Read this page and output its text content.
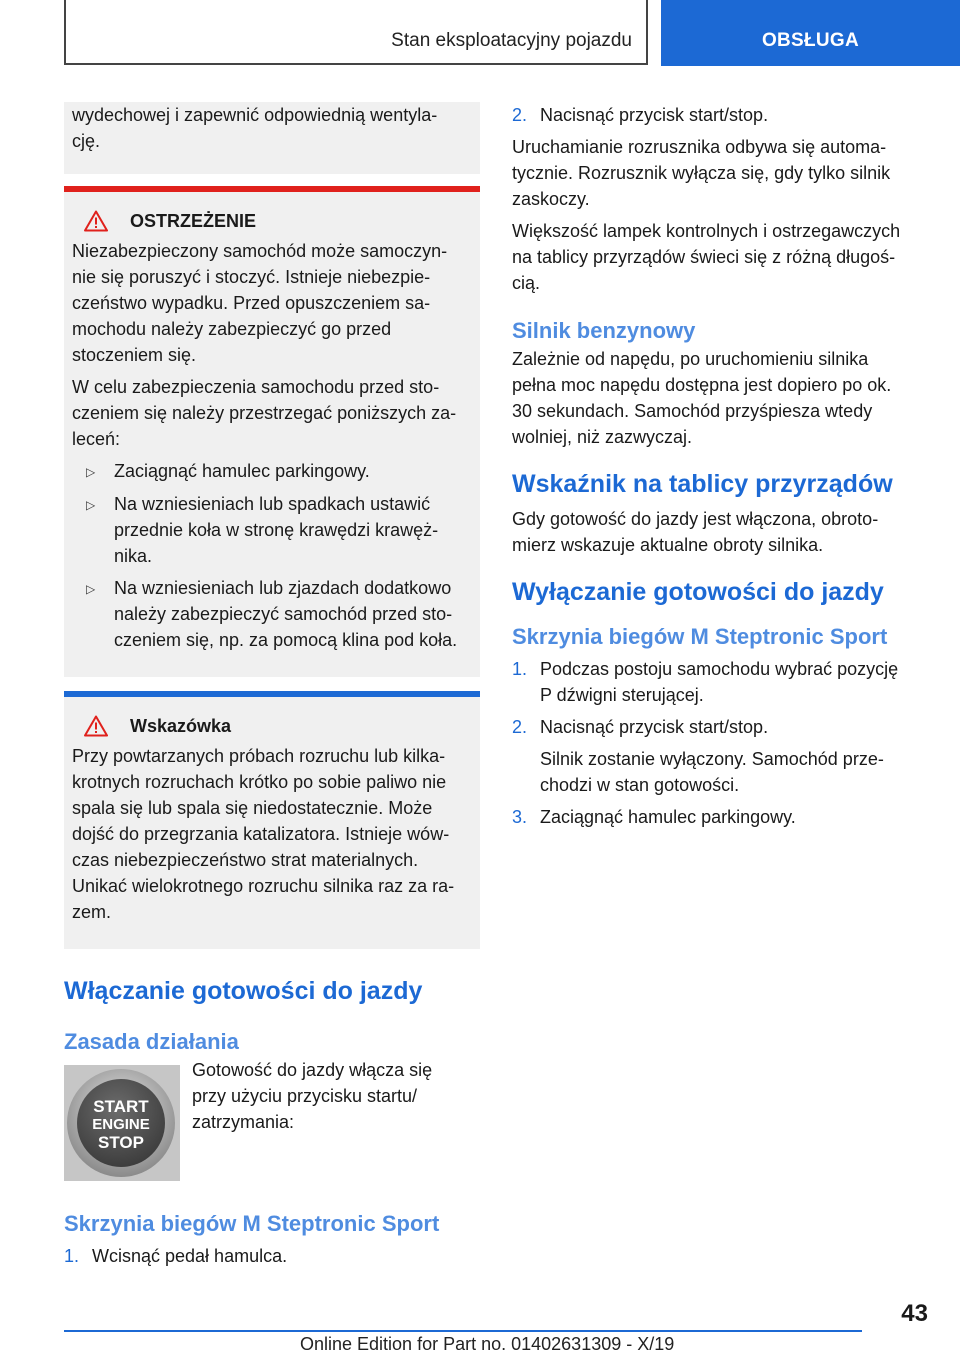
Stan eksploatacyjny pojazdu	OBSŁUGA
wydechowej i zapewnić odpowiednią wentyla-
cję.
OSTRZEŻENIE
Niezabezpieczony samochód może samoczyn-
nie się poruszyć i stoczyć. Istnieje niebezpie-
czeństwo wypadku. Przed opuszczeniem sa-
mochodu należy zabezpieczyć go przed
stoczeniem się.
W celu zabezpieczenia samochodu przed sto-
czeniem się należy przestrzegać poniższych za-
leceń:
▷	Zaciągnąć hamulec parkingowy.
▷	Na wzniesieniach lub spadkach ustawić
przednie koła w stronę krawędzi krawęż-
nika.
▷	Na wzniesieniach lub zjazdach dodatkowo
należy zabezpieczyć samochód przed sto-
czeniem się, np. za pomocą klina pod koła.
Wskazówka
Przy powtarzanych próbach rozruchu lub kilka-
krotnych rozruchach krótko po sobie paliwo nie
spala się lub spala się niedostatecznie. Może
dojść do przegrzania katalizatora. Istnieje wów-
czas niebezpieczeństwo strat materialnych.
Unikać wielokrotnego rozruchu silnika raz za ra-
zem.
Włączanie gotowości do jazdy
Zasada działania
START
ENGINE
STOP
Gotowość do jazdy włącza się
przy użyciu przycisku startu/
zatrzymania:
Skrzynia biegów M Steptronic Sport
1. Wcisnąć pedał hamulca.
2. Nacisnąć przycisk start/stop.
Uruchamianie rozrusznika odbywa się automa-
tycznie. Rozrusznik wyłącza się, gdy tylko silnik
zaskoczy.
Większość lampek kontrolnych i ostrzegawczych
na tablicy przyrządów świeci się z różną długoś-
cią.
Silnik benzynowy
Zależnie od napędu, po uruchomieniu silnika
pełna moc napędu dostępna jest dopiero po ok.
30 sekundach. Samochód przyśpiesza wtedy
wolniej, niż zazwyczaj.
Wskaźnik na tablicy przyrządów
Gdy gotowość do jazdy jest włączona, obroto-
mierz wskazuje aktualne obroty silnika.
Wyłączanie gotowości do jazdy
Skrzynia biegów M Steptronic Sport
1. Podczas postoju samochodu wybrać pozycję
P dźwigni sterującej.
2. Nacisnąć przycisk start/stop.
Silnik zostanie wyłączony. Samochód prze-
chodzi w stan gotowości.
3. Zaciągnąć hamulec parkingowy.
43
Online Edition for Part no. 01402631309 - X/19
